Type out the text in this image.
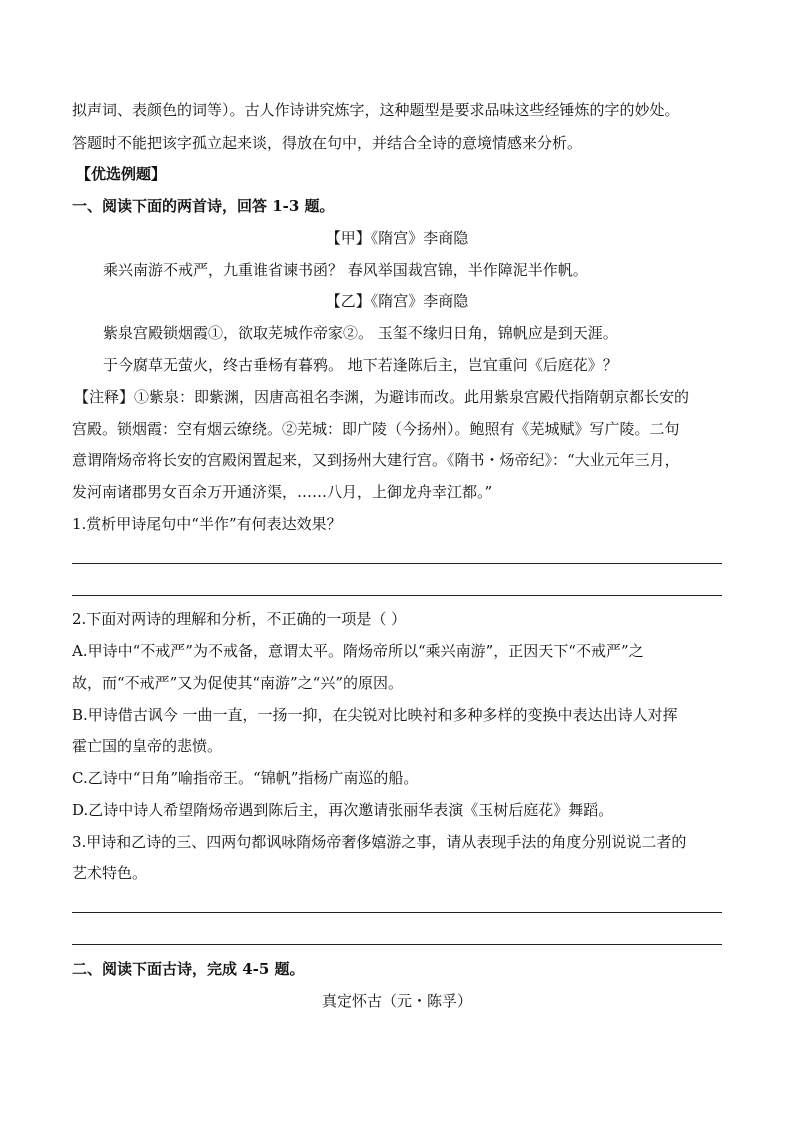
拟声词、表颜色的词等）。古人作诗讲究炼字，这种题型是要求品味这些经锤炼的字的妙处。
答题时不能把该字孤立起来谈，得放在句中，并结合全诗的意境情感来分析。
【优选例题】
一、阅读下面的两首诗，回答 1-3 题。
【甲】《隋宫》李商隐
乘兴南游不戒严，九重谁省谏书函？ 春风举国裁宫锦，半作障泥半作帆。
【乙】《隋宫》李商隐
紫泉宫殿锁烟霞①，欲取芜城作帝家②。 玉玺不缘归日角，锦帆应是到天涯。
于今腐草无萤火，终古垂杨有暮鸦。 地下若逢陈后主，岂宜重问《后庭花》？
【注释】①紫泉：即紫渊，因唐高祖名李渊，为避讳而改。此用紫泉宫殿代指隋朝京都长安的
宫殿。锁烟霞：空有烟云缭绕。②芜城：即广陵（今扬州）。鲍照有《芜城赋》写广陵。二句
意谓隋炀帝将长安的宫殿闲置起来，又到扬州大建行宫。《隋书・炀帝纪》：“大业元年三月，
发河南诸郡男女百余万开通济渠，……八月，上御龙舟幸江都。”
1.赏析甲诗尾句中“半作”有何表达效果？
2.下面对两诗的理解和分析，不正确的一项是（ ）
A.甲诗中“不戒严”为不戒备，意谓太平。隋炀帝所以“乘兴南游”，正因天下“不戒严”之
故，而“不戒严”又为促使其“南游”之“兴”的原因。
B.甲诗借古讽今 一曲一直，一扬一抑，在尖锐对比映衬和多种多样的变换中表达出诗人对挥
霍亡国的皇帝的悲愤。
C.乙诗中“日角”喻指帝王。“锦帆”指杨广南巡的船。
D.乙诗中诗人希望隋炀帝遇到陈后主，再次邀请张丽华表演《玉树后庭花》舞蹈。
3.甲诗和乙诗的三、四两句都讽咏隋炀帝奢侈嬉游之事，请从表现手法的角度分别说说二者的
艺术特色。
二、阅读下面古诗，完成 4-5 题。
真定怀古（元・陈孚）
